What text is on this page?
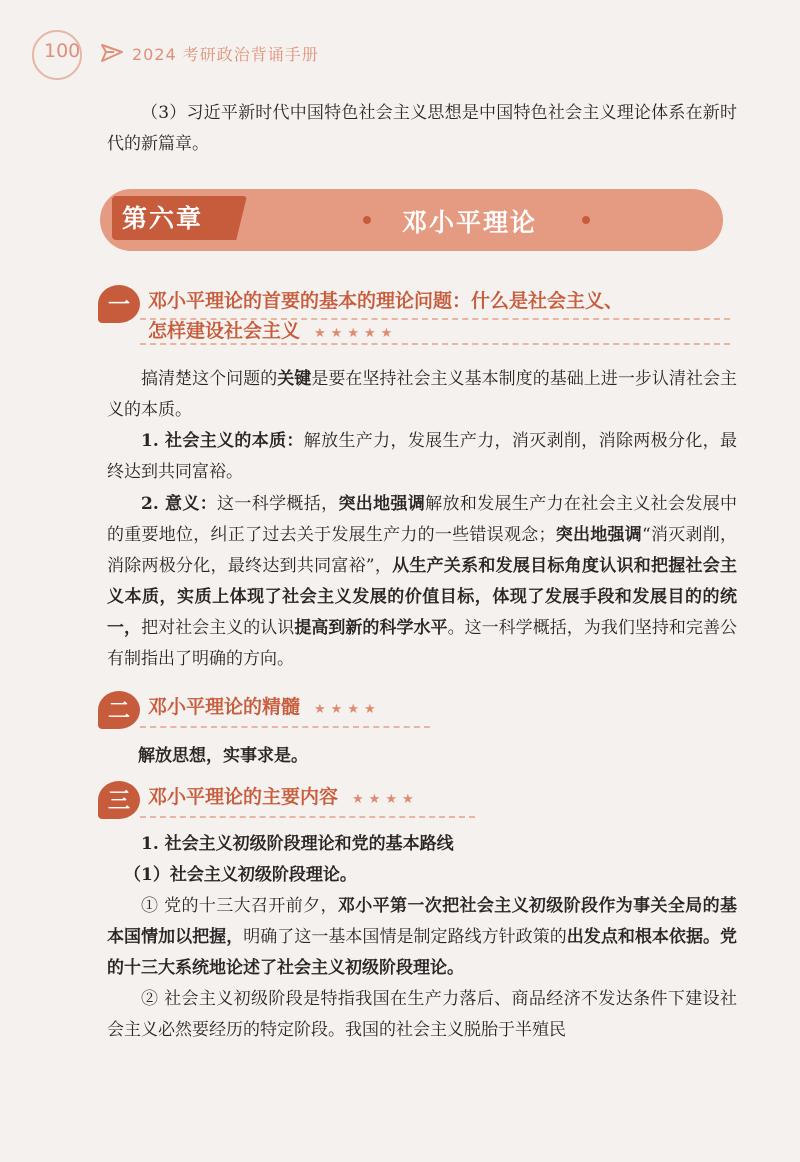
100	2024 考研政治背诵手册

（3）习近平新时代中国特色社会主义思想是中国特色社会主义理论体系在新时代的新篇章。

第六章	邓小平理论
一 邓小平理论的首要的基本的理论问题：什么是社会主义、
怎样建设社会主义 ★★★★★

搞清楚这个问题的关键是要在坚持社会主义基本制度的基础上进一步认清社会主义的本质。

1. 社会主义的本质：解放生产力，发展生产力，消灭剥削，消除两极分化，最终达到共同富裕。

2. 意义：这一科学概括，突出地强调解放和发展生产力在社会主义社会发展中的重要地位，纠正了过去关于发展生产力的一些错误观念；突出地强调“消灭剥削，消除两极分化，最终达到共同富裕”，从生产关系和发展目标角度认识和把握社会主义本质，实质上体现了社会主义发展的价值目标，体现了发展手段和发展目的的统一，把对社会主义的认识提高到新的科学水平。这一科学概括，为我们坚持和完善公有制指出了明确的方向。

二 邓小平理论的精髓 ★★★★

解放思想，实事求是。

三 邓小平理论的主要内容 ★★★★

1. 社会主义初级阶段理论和党的基本路线

（1）社会主义初级阶段理论。

① 党的十三大召开前夕，邓小平第一次把社会主义初级阶段作为事关全局的基本国情加以把握，明确了这一基本国情是制定路线方针政策的出发点和根本依据。党的十三大系统地论述了社会主义初级阶段理论。

② 社会主义初级阶段是特指我国在生产力落后、商品经济不发达条件下建设社会主义必然要经历的特定阶段。我国的社会主义脱胎于半殖民
